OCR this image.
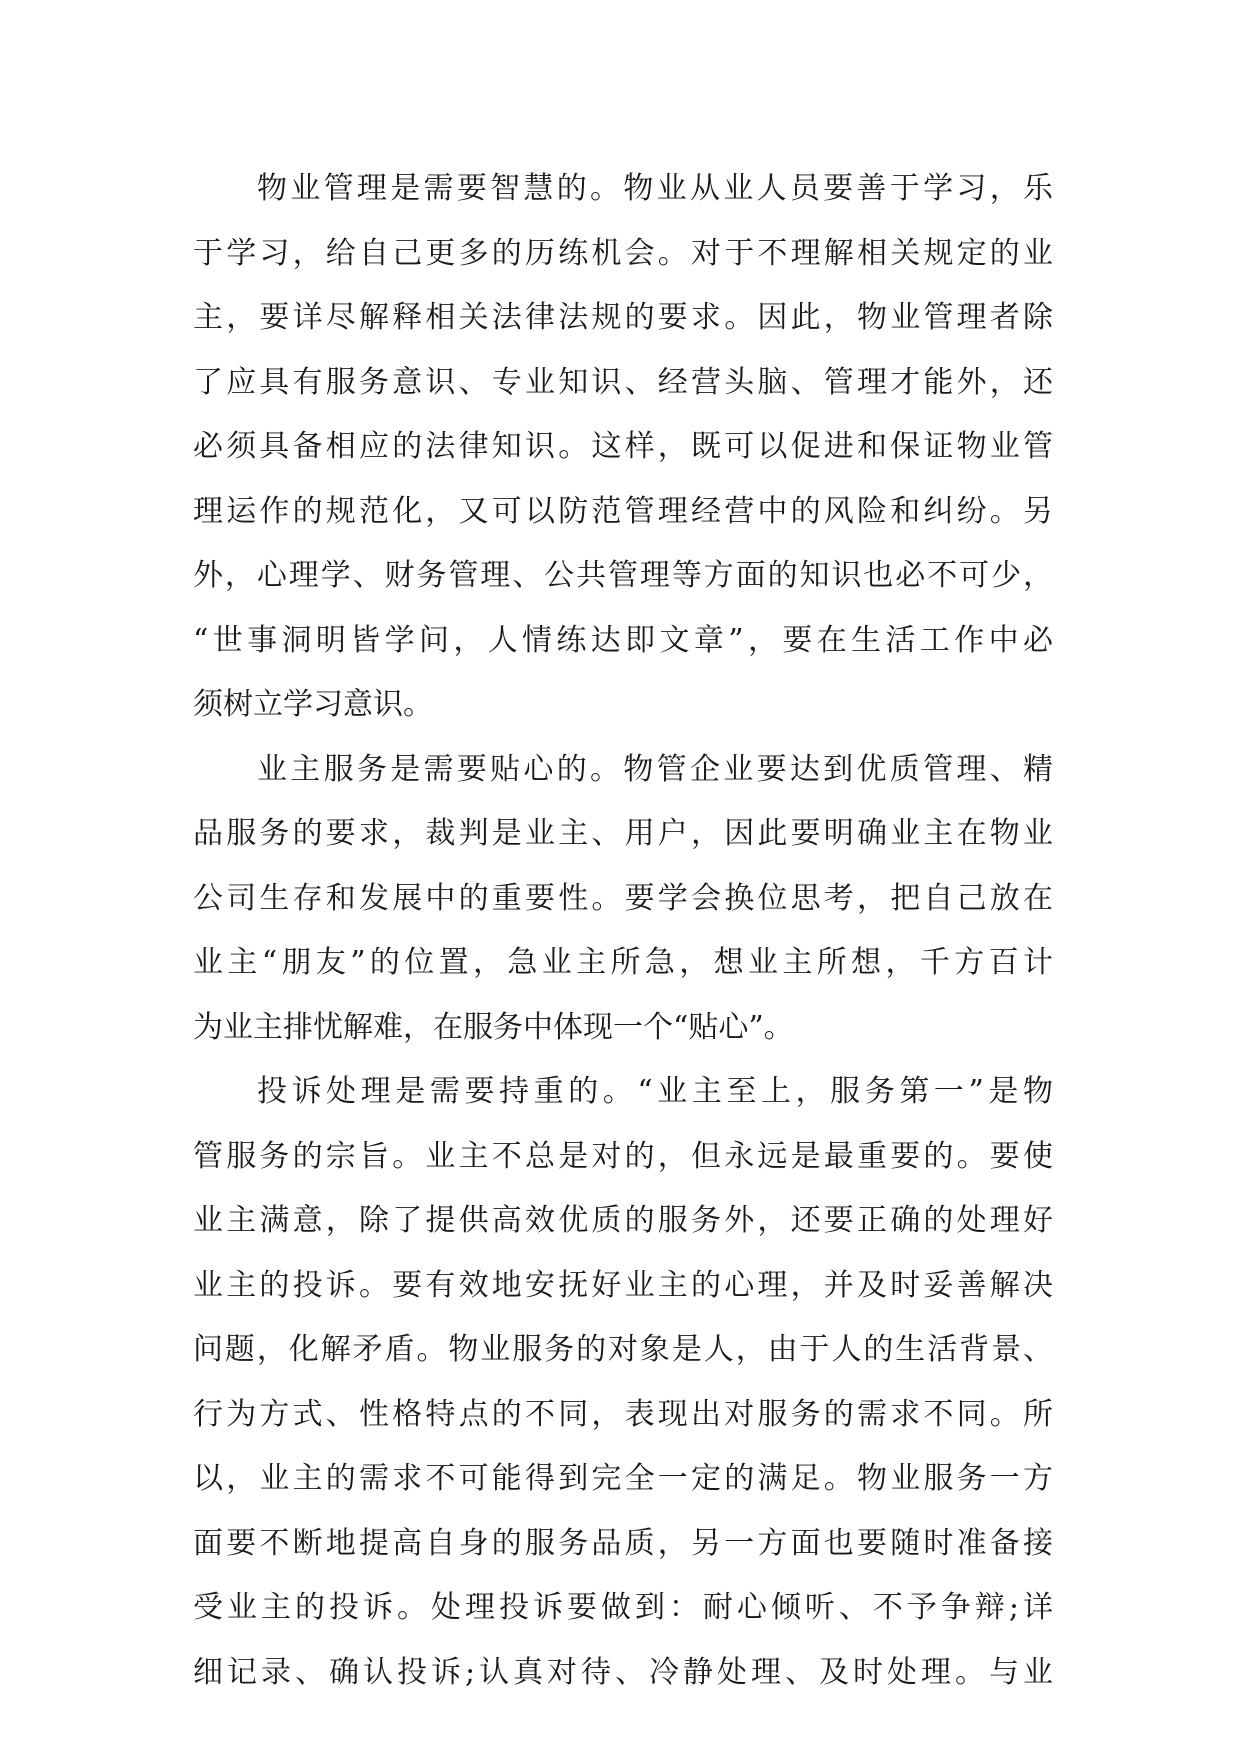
物业管理是需要智慧的。物业从业人员要善于学习，乐
于学习，给自己更多的历练机会。对于不理解相关规定的业
主，要详尽解释相关法律法规的要求。因此，物业管理者除
了应具有服务意识、专业知识、经营头脑、管理才能外，还
必须具备相应的法律知识。这样，既可以促进和保证物业管
理运作的规范化，又可以防范管理经营中的风险和纠纷。另
外，心理学、财务管理、公共管理等方面的知识也必不可少，
“世事洞明皆学问，人情练达即文章”，要在生活工作中必
须树立学习意识。
业主服务是需要贴心的。物管企业要达到优质管理、精
品服务的要求，裁判是业主、用户，因此要明确业主在物业
公司生存和发展中的重要性。要学会换位思考，把自己放在
业主“朋友”的位置，急业主所急，想业主所想，千方百计
为业主排忧解难，在服务中体现一个“贴心”。
投诉处理是需要持重的。“业主至上，服务第一”是物
管服务的宗旨。业主不总是对的，但永远是最重要的。要使
业主满意，除了提供高效优质的服务外，还要正确的处理好
业主的投诉。要有效地安抚好业主的心理，并及时妥善解决
问题，化解矛盾。物业服务的对象是人，由于人的生活背景、
行为方式、性格特点的不同，表现出对服务的需求不同。所
以，业主的需求不可能得到完全一定的满足。物业服务一方
面要不断地提高自身的服务品质，另一方面也要随时准备接
受业主的投诉。处理投诉要做到：耐心倾听、不予争辩;详
细记录、确认投诉;认真对待、冷静处理、及时处理。与业
